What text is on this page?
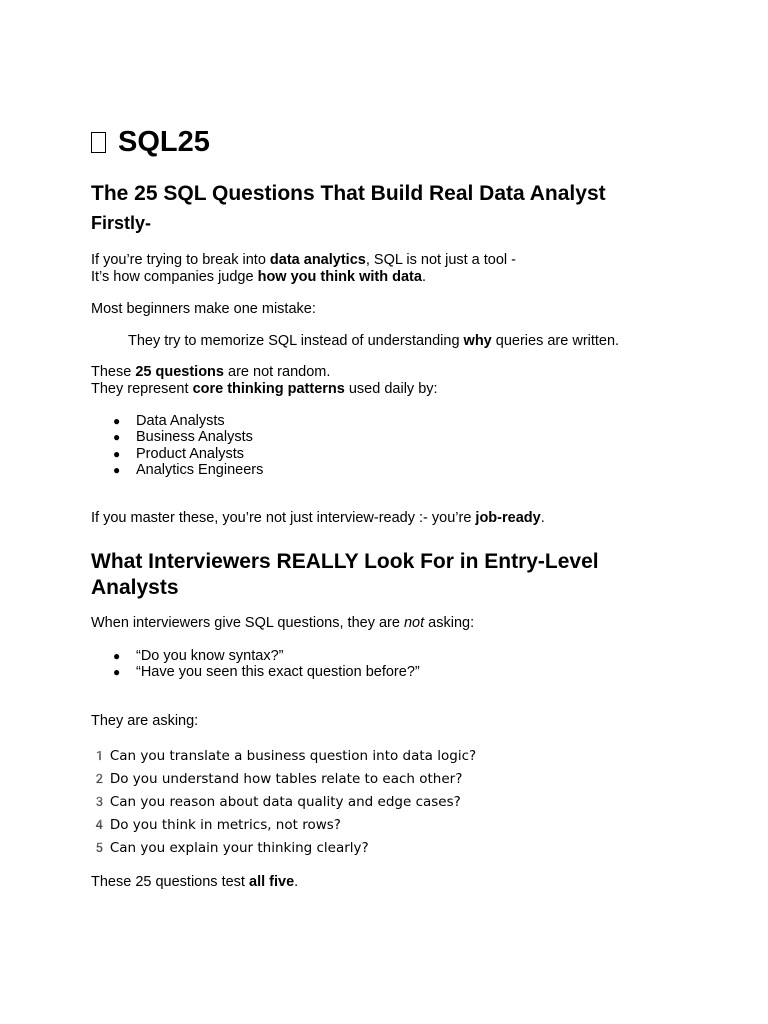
SQL25
The 25 SQL Questions That Build Real Data Analyst
Firstly-

If you’re trying to break into data analytics, SQL is not just a tool -
It’s how companies judge how you think with data.

Most beginners make one mistake:

They try to memorize SQL instead of understanding why queries are written.

These 25 questions are not random.
They represent core thinking patterns used daily by:

● Data Analysts
● Business Analysts
● Product Analysts
● Analytics Engineers

If you master these, you’re not just interview-ready :- you’re job-ready.

What Interviewers REALLY Look For in Entry-Level Analysts

When interviewers give SQL questions, they are not asking:

● “Do you know syntax?”
● “Have you seen this exact question before?”

They are asking:

1️ Can you translate a business question into data logic?
2️ Do you understand how tables relate to each other?
3️ Can you reason about data quality and edge cases?
4️ Do you think in metrics, not rows?
5️ Can you explain your thinking clearly?

These 25 questions test all five.
